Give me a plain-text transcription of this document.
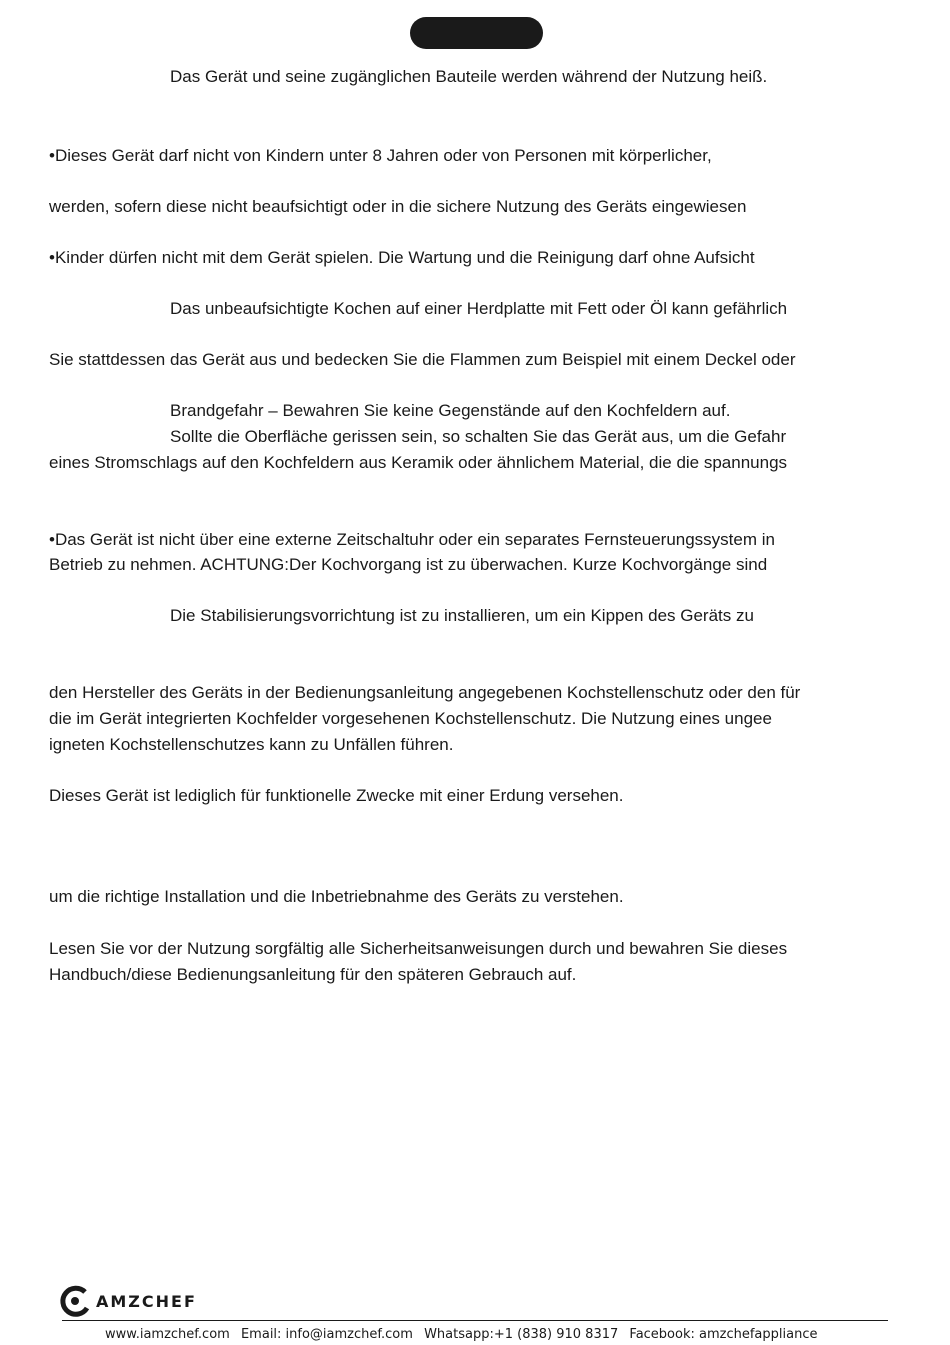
Das Gerät und seine zugänglichen Bauteile werden während der Nutzung heiß.
•Dieses Gerät darf nicht von Kindern unter 8 Jahren oder von Personen mit körperlicher,
werden, sofern diese nicht beaufsichtigt oder in die sichere Nutzung des Geräts eingewiesen
•Kinder dürfen nicht mit dem Gerät spielen. Die Wartung und die Reinigung darf ohne Aufsicht
Das unbeaufsichtigte Kochen auf einer Herdplatte mit Fett oder Öl kann gefährlich
Sie stattdessen das Gerät aus und bedecken Sie die Flammen zum Beispiel mit einem Deckel oder
Brandgefahr – Bewahren Sie keine Gegenstände auf den Kochfeldern auf.
Sollte die Oberfläche gerissen sein, so schalten Sie das Gerät aus, um die Gefahr
eines Stromschlags auf den Kochfeldern aus Keramik oder ähnlichem Material, die die spannungs
•Das Gerät ist nicht über eine externe Zeitschaltuhr oder ein separates Fernsteuerungssystem in
Betrieb zu nehmen. ACHTUNG:Der Kochvorgang ist zu überwachen. Kurze Kochvorgänge sind
Die Stabilisierungsvorrichtung ist zu installieren, um ein Kippen des Geräts zu
den Hersteller des Geräts in der Bedienungsanleitung angegebenen Kochstellenschutz oder den für
die im Gerät integrierten Kochfelder vorgesehenen Kochstellenschutz. Die Nutzung eines ungee
igneten Kochstellenschutzes kann zu Unfällen führen.
Dieses Gerät ist lediglich für funktionelle Zwecke mit einer Erdung versehen.
um die richtige Installation und die Inbetriebnahme des Geräts zu verstehen.
Lesen Sie vor der Nutzung sorgfältig alle Sicherheitsanweisungen durch und bewahren Sie dieses
Handbuch/diese Bedienungsanleitung für den späteren Gebrauch auf.
AMZCHEF
www.iamzchef.com Email: info@iamzchef.com Whatsapp:+1 (838) 910 8317 Facebook: amzchefappliance
